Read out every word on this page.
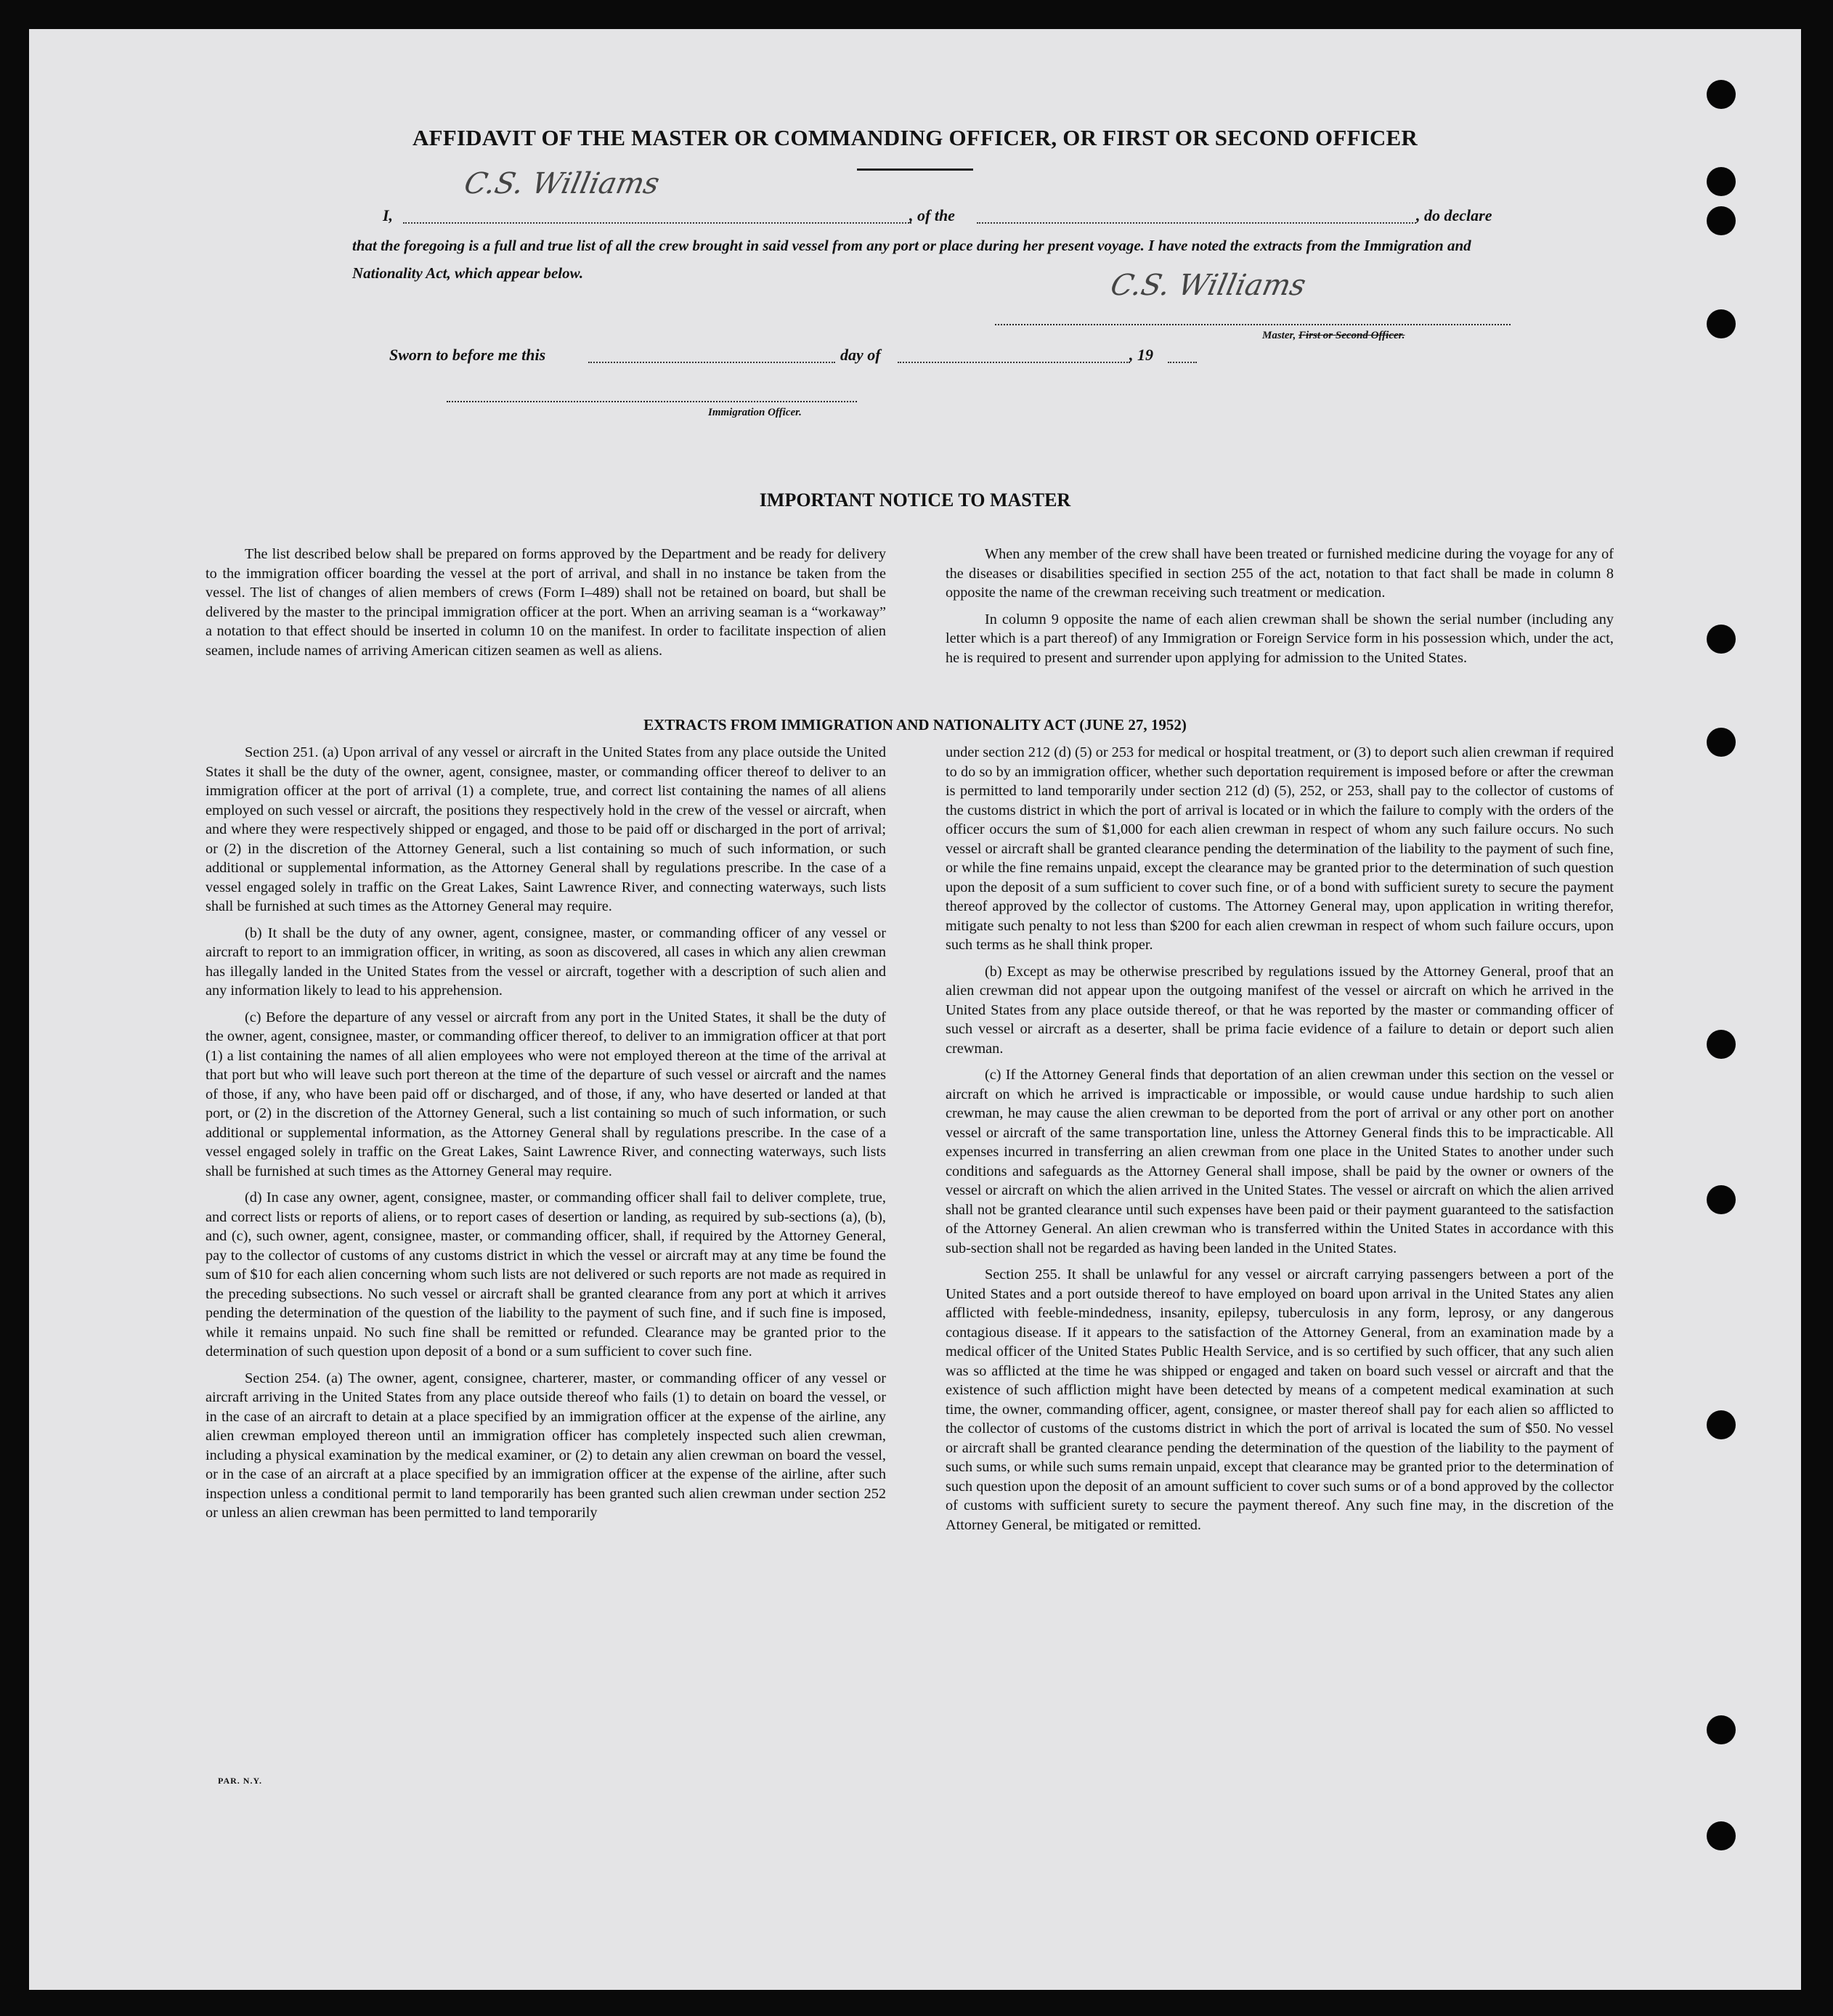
AFFIDAVIT OF THE MASTER OR COMMANDING OFFICER, OR FIRST OR SECOND OFFICER
C.S. Williams
I,	, of the	, do declare
that the foregoing is a full and true list of all the crew brought in said vessel from any port or place during her present voyage. I have noted the extracts from the Immigration and Nationality Act, which appear below.	C.S. Williams
Master, First or Second Officer.
Sworn to before me this	day of	, 19
Immigration Officer.
IMPORTANT NOTICE TO MASTER

The list described below shall be prepared on forms approved by the Department and be ready for delivery to the immigration officer boarding the vessel at the port of arrival, and shall in no instance be taken from the vessel. The list of changes of alien members of crews (Form I–489) shall not be retained on board, but shall be delivered by the master to the principal immigration officer at the port. When an arriving seaman is a “workaway” a notation to that effect should be inserted in column 10 on the manifest. In order to facilitate inspection of alien seamen, include names of arriving American citizen seamen as well as aliens.

When any member of the crew shall have been treated or furnished medicine during the voyage for any of the diseases or disabilities specified in section 255 of the act, notation to that fact shall be made in column 8 opposite the name of the crewman receiving such treatment or medication.

In column 9 opposite the name of each alien crewman shall be shown the serial number (including any letter which is a part thereof) of any Immigration or Foreign Service form in his possession which, under the act, he is required to present and surrender upon applying for admission to the United States.

EXTRACTS FROM IMMIGRATION AND NATIONALITY ACT (JUNE 27, 1952)

Section 251. (a) Upon arrival of any vessel or aircraft in the United States from any place outside the United States it shall be the duty of the owner, agent, consignee, master, or commanding officer thereof to deliver to an immigration officer at the port of arrival (1) a complete, true, and correct list containing the names of all aliens employed on such vessel or aircraft, the positions they respectively hold in the crew of the vessel or aircraft, when and where they were respectively shipped or engaged, and those to be paid off or discharged in the port of arrival; or (2) in the discretion of the Attorney General, such a list containing so much of such information, or such additional or supplemental information, as the Attorney General shall by regulations prescribe. In the case of a vessel engaged solely in traffic on the Great Lakes, Saint Lawrence River, and connecting waterways, such lists shall be furnished at such times as the Attorney General may require.

(b) It shall be the duty of any owner, agent, consignee, master, or commanding officer of any vessel or aircraft to report to an immigration officer, in writing, as soon as discovered, all cases in which any alien crewman has illegally landed in the United States from the vessel or aircraft, together with a description of such alien and any information likely to lead to his apprehension.

(c) Before the departure of any vessel or aircraft from any port in the United States, it shall be the duty of the owner, agent, consignee, master, or commanding officer thereof, to deliver to an immigration officer at that port (1) a list containing the names of all alien employees who were not employed thereon at the time of the arrival at that port but who will leave such port thereon at the time of the departure of such vessel or aircraft and the names of those, if any, who have been paid off or discharged, and of those, if any, who have deserted or landed at that port, or (2) in the discretion of the Attorney General, such a list containing so much of such information, or such additional or supplemental information, as the Attorney General shall by regulations prescribe. In the case of a vessel engaged solely in traffic on the Great Lakes, Saint Lawrence River, and connecting waterways, such lists shall be furnished at such times as the Attorney General may require.

(d) In case any owner, agent, consignee, master, or commanding officer shall fail to deliver complete, true, and correct lists or reports of aliens, or to report cases of desertion or landing, as required by sub-sections (a), (b), and (c), such owner, agent, consignee, master, or commanding officer, shall, if required by the Attorney General, pay to the collector of customs of any customs district in which the vessel or aircraft may at any time be found the sum of $10 for each alien concerning whom such lists are not delivered or such reports are not made as required in the preceding subsections. No such vessel or aircraft shall be granted clearance from any port at which it arrives pending the determination of the question of the liability to the payment of such fine, and if such fine is imposed, while it remains unpaid. No such fine shall be remitted or refunded. Clearance may be granted prior to the determination of such question upon deposit of a bond or a sum sufficient to cover such fine.

Section 254. (a) The owner, agent, consignee, charterer, master, or commanding officer of any vessel or aircraft arriving in the United States from any place outside thereof who fails (1) to detain on board the vessel, or in the case of an aircraft to detain at a place specified by an immigration officer at the expense of the airline, any alien crewman employed thereon until an immigration officer has completely inspected such alien crewman, including a physical examination by the medical examiner, or (2) to detain any alien crewman on board the vessel, or in the case of an aircraft at a place specified by an immigration officer at the expense of the airline, after such inspection unless a conditional permit to land temporarily has been granted such alien crewman under section 252 or unless an alien crewman has been permitted to land temporarily

under section 212 (d) (5) or 253 for medical or hospital treatment, or (3) to deport such alien crewman if required to do so by an immigration officer, whether such deportation requirement is imposed before or after the crewman is permitted to land temporarily under section 212 (d) (5), 252, or 253, shall pay to the collector of customs of the customs district in which the port of arrival is located or in which the failure to comply with the orders of the officer occurs the sum of $1,000 for each alien crewman in respect of whom any such failure occurs. No such vessel or aircraft shall be granted clearance pending the determination of the liability to the payment of such fine, or while the fine remains unpaid, except the clearance may be granted prior to the determination of such question upon the deposit of a sum sufficient to cover such fine, or of a bond with sufficient surety to secure the payment thereof approved by the collector of customs. The Attorney General may, upon application in writing therefor, mitigate such penalty to not less than $200 for each alien crewman in respect of whom such failure occurs, upon such terms as he shall think proper.

(b) Except as may be otherwise prescribed by regulations issued by the Attorney General, proof that an alien crewman did not appear upon the outgoing manifest of the vessel or aircraft on which he arrived in the United States from any place outside thereof, or that he was reported by the master or commanding officer of such vessel or aircraft as a deserter, shall be prima facie evidence of a failure to detain or deport such alien crewman.

(c) If the Attorney General finds that deportation of an alien crewman under this section on the vessel or aircraft on which he arrived is impracticable or impossible, or would cause undue hardship to such alien crewman, he may cause the alien crewman to be deported from the port of arrival or any other port on another vessel or aircraft of the same transportation line, unless the Attorney General finds this to be impracticable. All expenses incurred in transferring an alien crewman from one place in the United States to another under such conditions and safeguards as the Attorney General shall impose, shall be paid by the owner or owners of the vessel or aircraft on which the alien arrived in the United States. The vessel or aircraft on which the alien arrived shall not be granted clearance until such expenses have been paid or their payment guaranteed to the satisfaction of the Attorney General. An alien crewman who is transferred within the United States in accordance with this sub-section shall not be regarded as having been landed in the United States.

Section 255. It shall be unlawful for any vessel or aircraft carrying passengers between a port of the United States and a port outside thereof to have employed on board upon arrival in the United States any alien afflicted with feeble-mindedness, insanity, epilepsy, tuberculosis in any form, leprosy, or any dangerous contagious disease. If it appears to the satisfaction of the Attorney General, from an examination made by a medical officer of the United States Public Health Service, and is so certified by such officer, that any such alien was so afflicted at the time he was shipped or engaged and taken on board such vessel or aircraft and that the existence of such affliction might have been detected by means of a competent medical examination at such time, the owner, commanding officer, agent, consignee, or master thereof shall pay for each alien so afflicted to the collector of customs of the customs district in which the port of arrival is located the sum of $50. No vessel or aircraft shall be granted clearance pending the determination of the question of the liability to the payment of such sums, or while such sums remain unpaid, except that clearance may be granted prior to the determination of such question upon the deposit of an amount sufficient to cover such sums or of a bond approved by the collector of customs with sufficient surety to secure the payment thereof. Any such fine may, in the discretion of the Attorney General, be mitigated or remitted.

PAR. N.Y.
